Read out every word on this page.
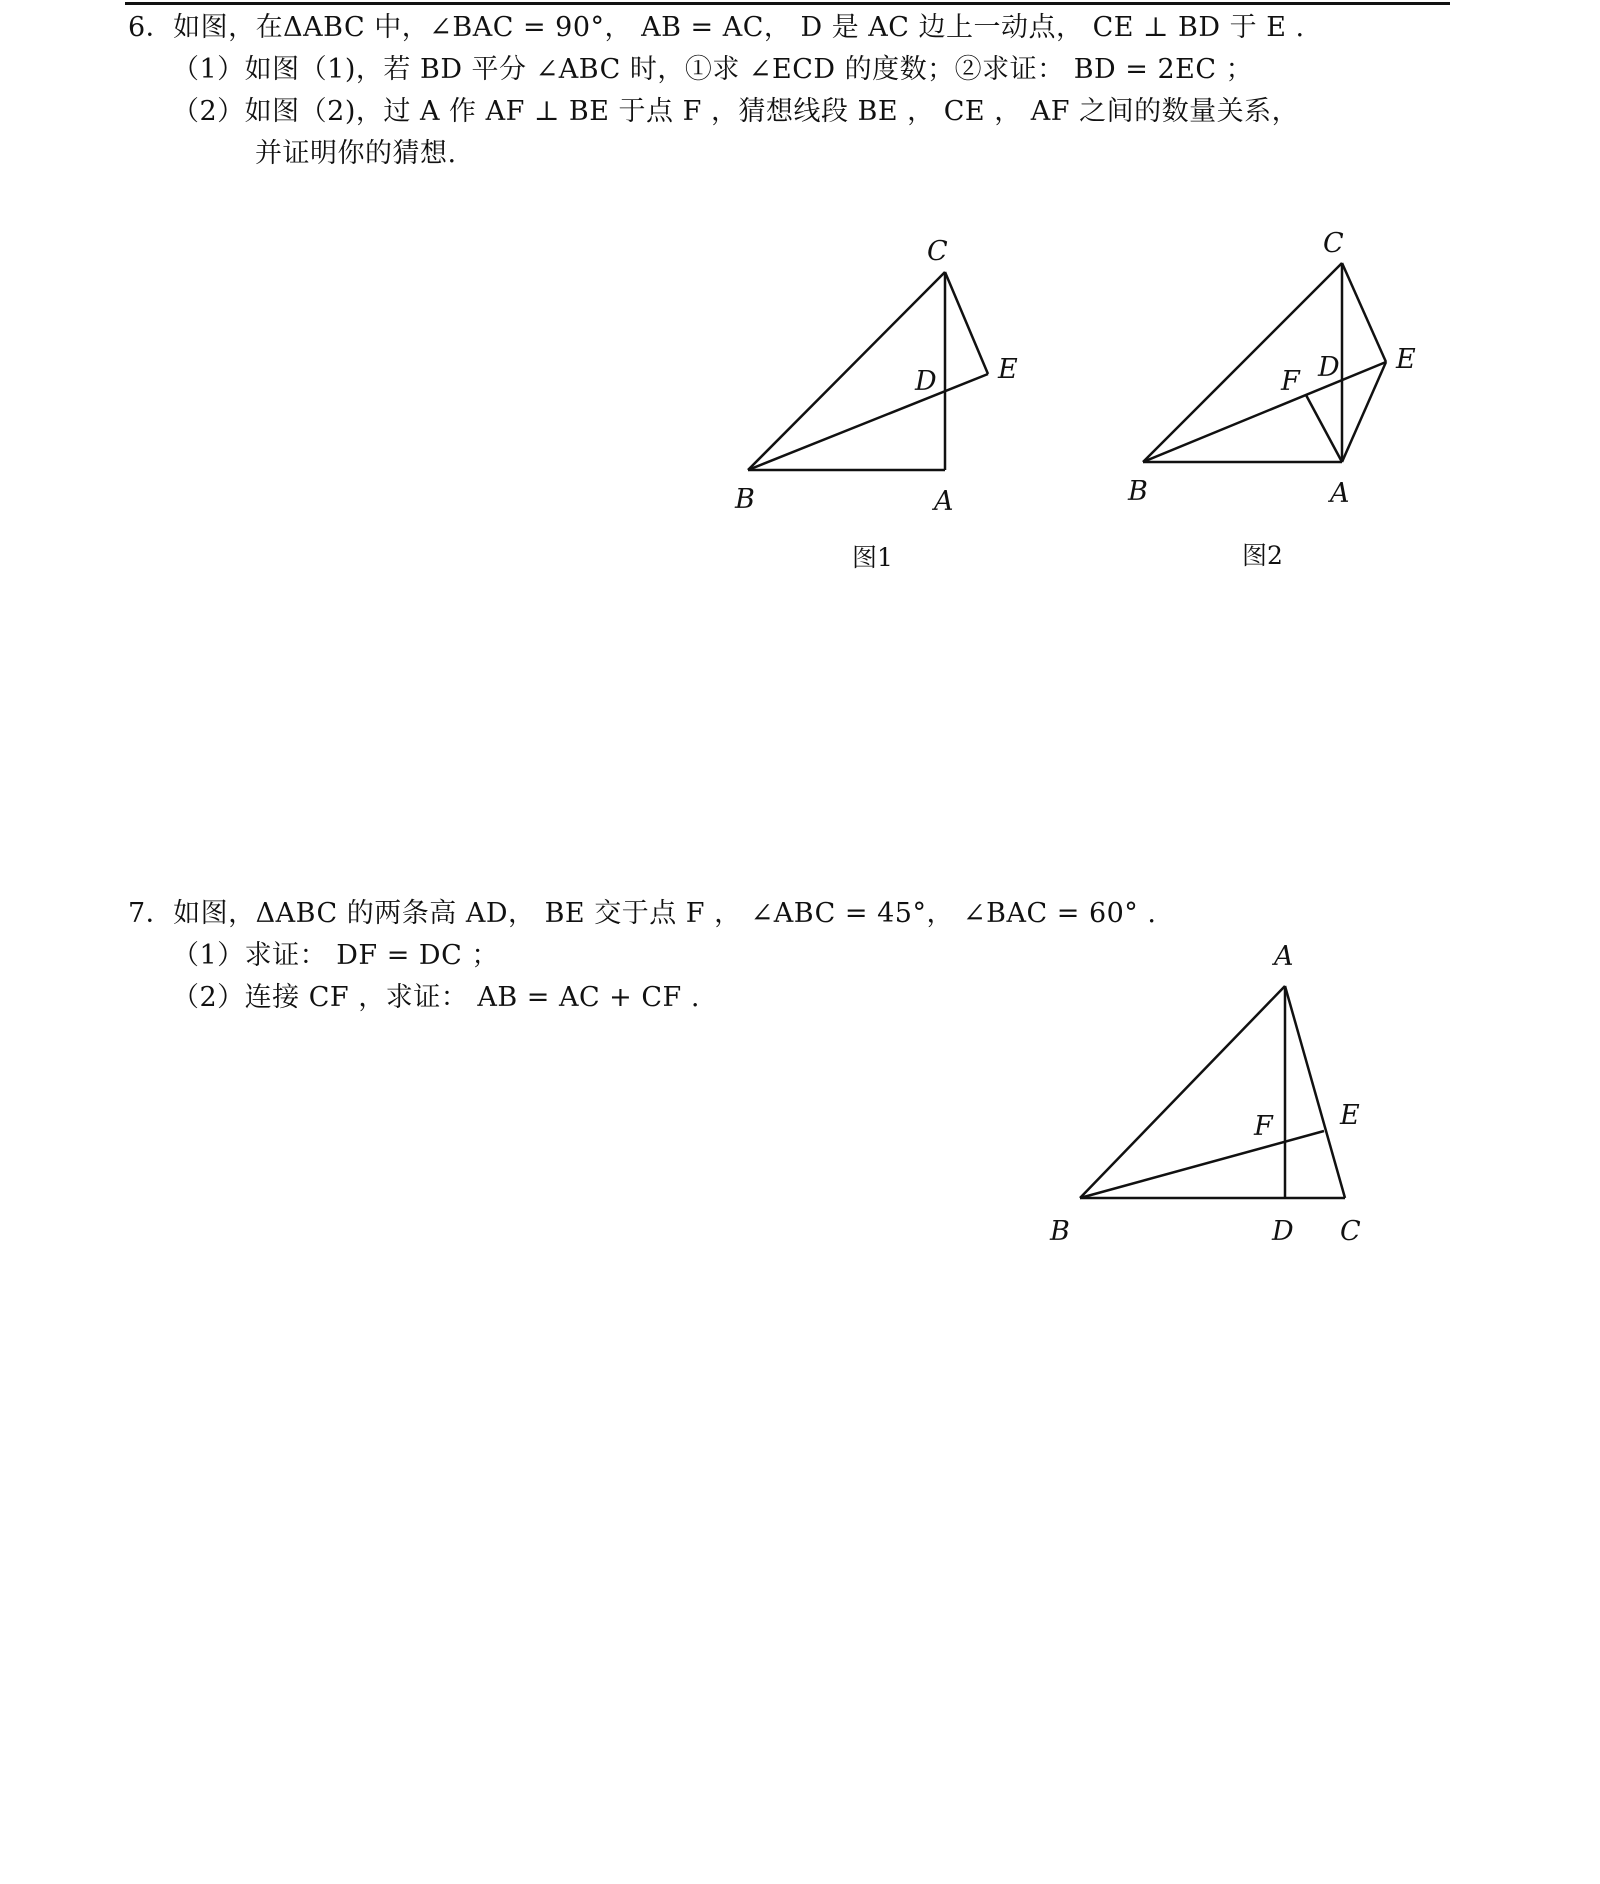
6．如图，在ΔABC 中，∠BAC = 90°， AB = AC， D 是 AC 边上一动点， CE ⊥ BD 于 E .
（1）如图（1)，若 BD 平分 ∠ABC 时，①求 ∠ECD 的度数；②求证： BD = 2EC ；
（2）如图（2)，过 A 作 AF ⊥ BE 于点 F ，猜想线段 BE ， CE ， AF 之间的数量关系，
并证明你的猜想.
7．如图，ΔABC 的两条高 AD， BE 交于点 F ， ∠ABC = 45°， ∠BAC = 60° .
（1）求证： DF = DC ；
（2）连接 CF ，求证： AB = AC + CF .
C
D E
B	A
图1
C
D E
F
B	A
图2
A
F E
B	D C
